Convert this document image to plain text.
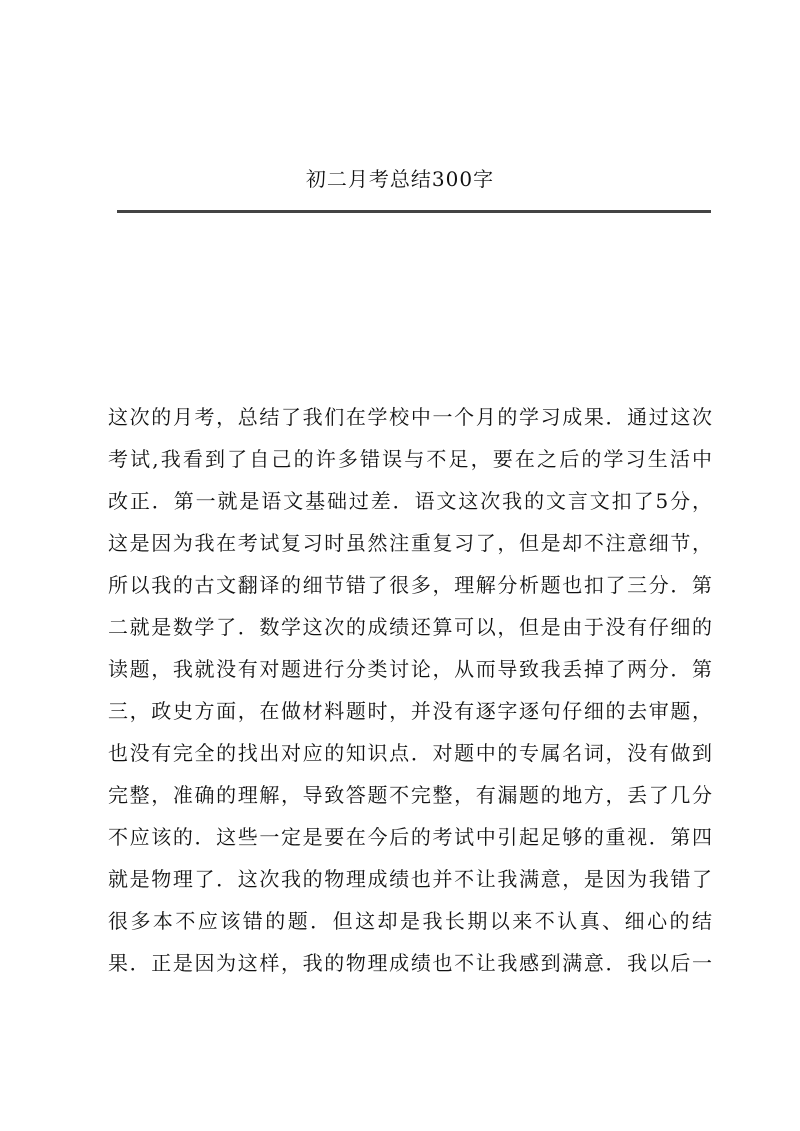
初二月考总结300字
这次的月考，总结了我们在学校中一个月的学习成果．通过这次
考试,我看到了自己的许多错误与不足，要在之后的学习生活中
改正．第一就是语文基础过差．语文这次我的文言文扣了5分，
这是因为我在考试复习时虽然注重复习了，但是却不注意细节，
所以我的古文翻译的细节错了很多，理解分析题也扣了三分．第
二就是数学了．数学这次的成绩还算可以，但是由于没有仔细的
读题，我就没有对题进行分类讨论，从而导致我丢掉了两分．第
三，政史方面，在做材料题时，并没有逐字逐句仔细的去审题，
也没有完全的找出对应的知识点．对题中的专属名词，没有做到
完整，准确的理解，导致答题不完整，有漏题的地方，丢了几分
不应该的．这些一定是要在今后的考试中引起足够的重视．第四
就是物理了．这次我的物理成绩也并不让我满意，是因为我错了
很多本不应该错的题．但这却是我长期以来不认真、细心的结
果．正是因为这样，我的物理成绩也不让我感到满意．我以后一
